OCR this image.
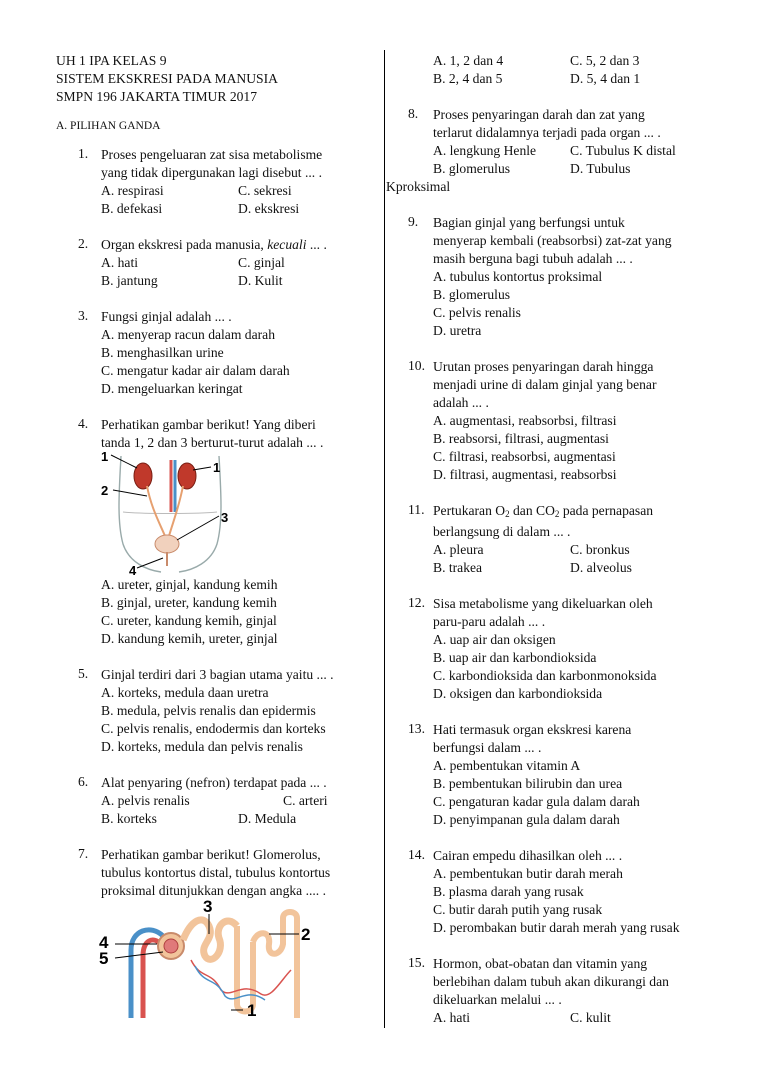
UH 1 IPA KELAS 9
SISTEM EKSKRESI PADA MANUSIA
SMPN 196 JAKARTA TIMUR 2017
A. PILIHAN GANDA
1. Proses pengeluaran zat sisa metabolisme
yang tidak dipergunakan lagi disebut ... .
A. respirasi	C. sekresi
B. defekasi	D. ekskresi
2. Organ ekskresi pada manusia, kecuali ... .
A. hati	C. ginjal
B. jantung	D. Kulit
3. Fungsi ginjal adalah ... .
A. menyerap racun dalam darah
B. menghasilkan urine
C. mengatur kadar air dalam darah
D. mengeluarkan keringat
4. Perhatikan gambar berikut! Yang diberi
tanda 1, 2 dan 3 berturut-turut adalah ... .
1
1
2
3
4
A. ureter, ginjal, kandung kemih
B. ginjal, ureter, kandung kemih
C. ureter, kandung kemih, ginjal
D. kandung kemih, ureter, ginjal
5. Ginjal terdiri dari 3 bagian utama yaitu ... .
A. korteks, medula daan uretra
B. medula, pelvis renalis dan epidermis
C. pelvis renalis, endodermis dan korteks
D. korteks, medula dan pelvis renalis
6. Alat penyaring (nefron) terdapat pada ... .
A. pelvis renalis	C. arteri
B. korteks	D. Medula
7. Perhatikan gambar berikut! Glomerolus,
tubulus kontortus distal, tubulus kontortus
proksimal ditunjukkan dengan angka .... .
3
4
5
2
1
A. 1, 2 dan 4	C. 5, 2 dan 3
B. 2, 4 dan 5	D. 5, 4 dan 1
8. Proses penyaringan darah dan zat yang
terlarut didalamnya terjadi pada organ ... .
A. lengkung Henle C. Tubulus K distal
B. glomerulus	D. Tubulus
Kproksimal
9. Bagian ginjal yang berfungsi untuk
menyerap kembali (reabsorbsi) zat-zat yang
masih berguna bagi tubuh adalah ... .
A. tubulus kontortus proksimal
B. glomerulus
C. pelvis renalis
D. uretra
10. Urutan proses penyaringan darah hingga
menjadi urine di dalam ginjal yang benar
adalah ... .
A. augmentasi, reabsorbsi, filtrasi
B. reabsorsi, filtrasi, augmentasi
C. filtrasi, reabsorbsi, augmentasi
D. filtrasi, augmentasi, reabsorbsi
11. Pertukaran $O_2$ dan $CO_2$ pada pernapasan
berlangsung di dalam ... .
A. pleura	C. bronkus
B. trakea	D. alveolus
12. Sisa metabolisme yang dikeluarkan oleh
paru-paru adalah ... .
A. uap air dan oksigen
B. uap air dan karbondioksida
C. karbondioksida dan karbonmonoksida
D. oksigen dan karbondioksida
13. Hati termasuk organ ekskresi karena
berfungsi dalam ... .
A. pembentukan vitamin A
B. pembentukan bilirubin dan urea
C. pengaturan kadar gula dalam darah
D. penyimpanan gula dalam darah
14. Cairan empedu dihasilkan oleh ... .
A. pembentukan butir darah merah
B. plasma darah yang rusak
C. butir darah putih yang rusak
D. perombakan butir darah merah yang rusak
15. Hormon, obat-obatan dan vitamin yang
berlebihan dalam tubuh akan dikurangi dan
dikeluarkan melalui ... .
A. hati	C. kulit
